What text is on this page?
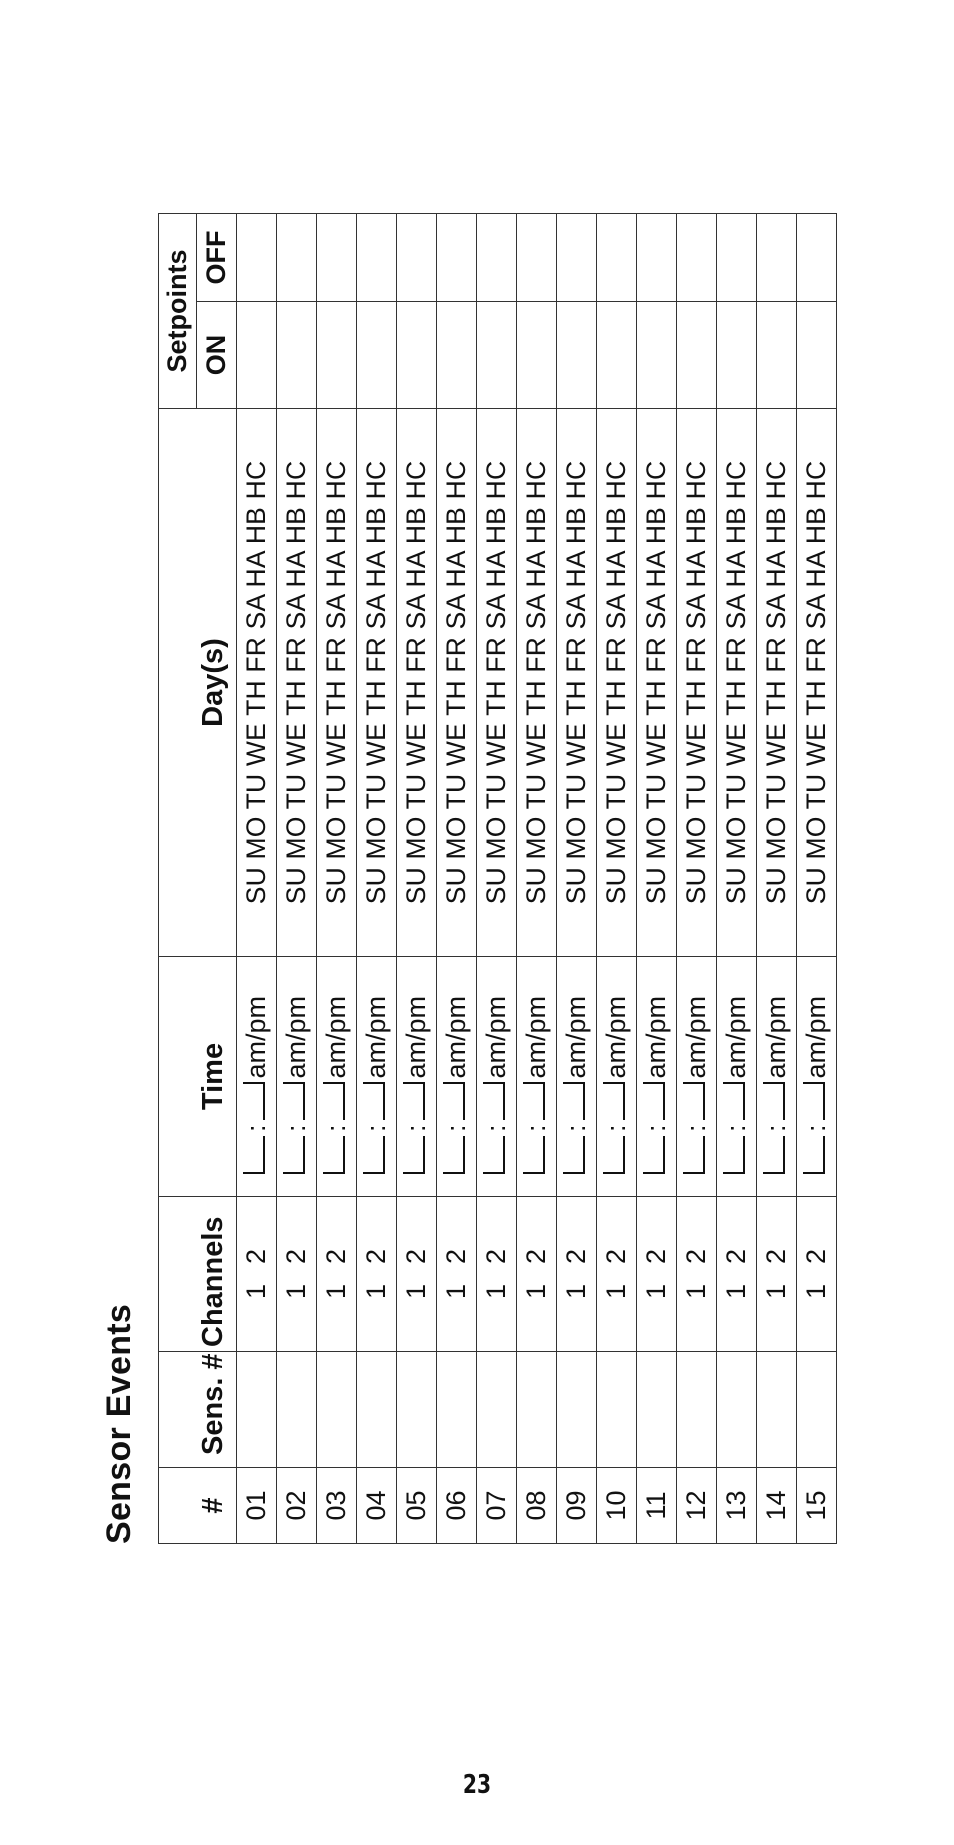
Sensor Events #	Sens. #	Channels	Time	Day(s)	Setpoints	
					ON	OFF
01		12	:am/pm	SU MO TU WE TH FR SA HA HB HC		
02		12	:am/pm	SU MO TU WE TH FR SA HA HB HC		
03		12	:am/pm	SU MO TU WE TH FR SA HA HB HC		
04		12	:am/pm	SU MO TU WE TH FR SA HA HB HC		
05		12	:am/pm	SU MO TU WE TH FR SA HA HB HC		
06		12	:am/pm	SU MO TU WE TH FR SA HA HB HC		
07		12	:am/pm	SU MO TU WE TH FR SA HA HB HC		
08		12	:am/pm	SU MO TU WE TH FR SA HA HB HC		
09		12	:am/pm	SU MO TU WE TH FR SA HA HB HC		
10		12	:am/pm	SU MO TU WE TH FR SA HA HB HC		
11		12	:am/pm	SU MO TU WE TH FR SA HA HB HC		
12		12	:am/pm	SU MO TU WE TH FR SA HA HB HC		
13		12	:am/pm	SU MO TU WE TH FR SA HA HB HC		
14		12	:am/pm	SU MO TU WE TH FR SA HA HB HC		
15		12	:am/pm	SU MO TU WE TH FR SA HA HB HC		
23
